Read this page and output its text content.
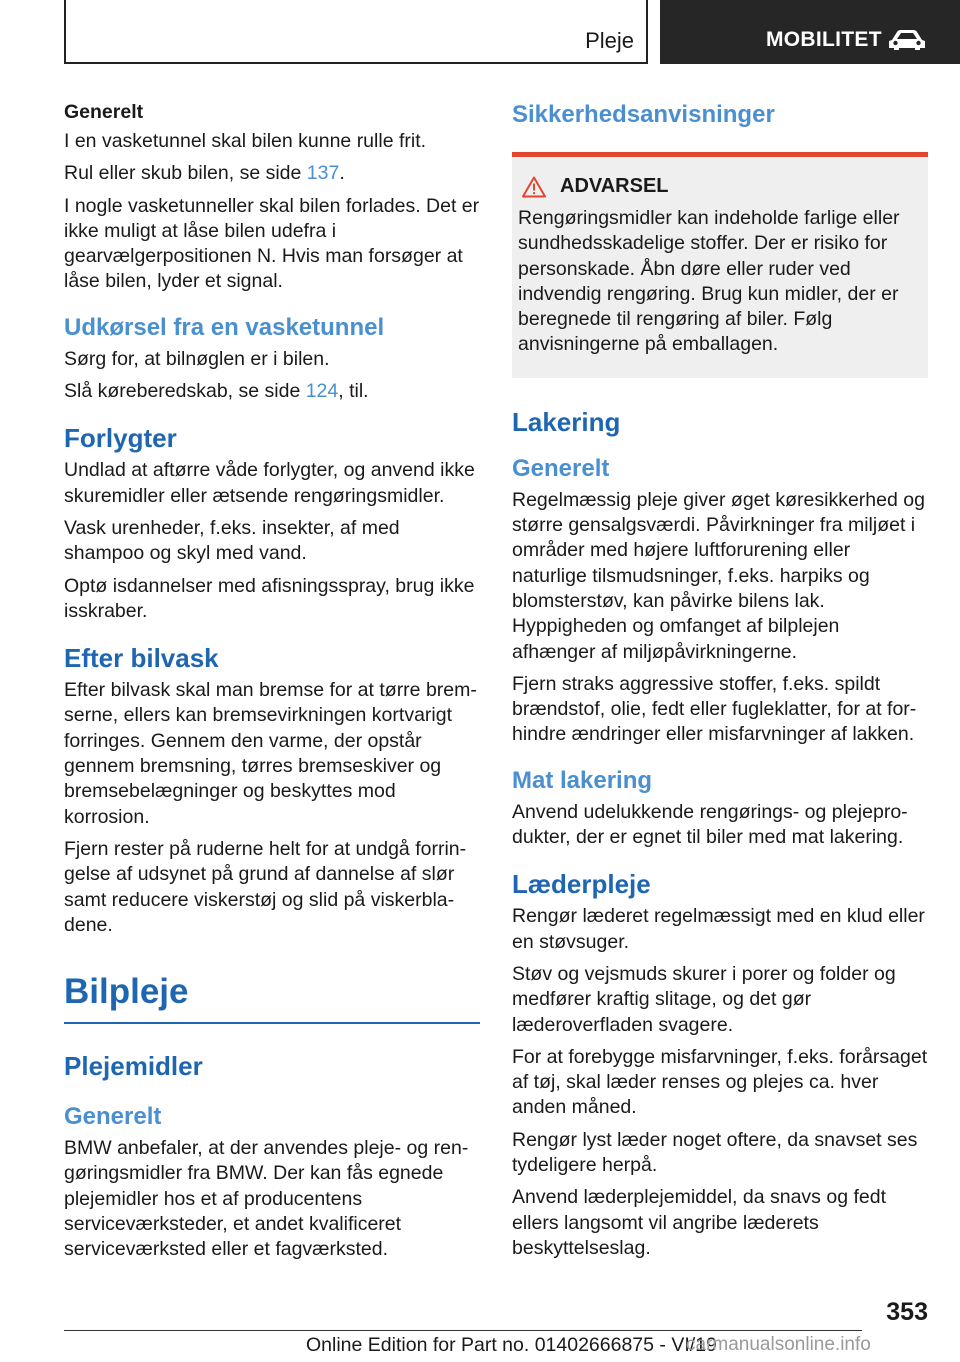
Pleje	MOBILITET
Generelt

I en vasketunnel skal bilen kunne rulle frit.

Rul eller skub bilen, se side 137.

I nogle vasketunneller skal bilen forlades. Det er ikke muligt at låse bilen udefra i gearvælgerpositionen N. Hvis man forsøger at låse bilen, lyder et signal.

Udkørsel fra en vasketunnel

Sørg for, at bilnøglen er i bilen.

Slå køreberedskab, se side 124, til.

Forlygter

Undlad at aftørre våde forlygter, og anvend ikke skuremidler eller ætsende rengøringsmidler.

Vask urenheder, f.eks. insekter, af med shampoo og skyl med vand.

Optø isdannelser med afisningsspray, brug ikke isskraber.

Efter bilvask

Efter bilvask skal man bremse for at tørre bremserne, ellers kan bremsevirkningen kortvarigt forringes. Gennem den varme, der opstår gennem bremsning, tørres bremseskiver og bremsebelægninger og beskyttes mod korrosion.

Fjern rester på ruderne helt for at undgå forringelse af udsynet på grund af dannelse af slør samt reducere viskerstøj og slid på viskerbladene.

Bilpleje
Plejemidler
Generelt

BMW anbefaler, at der anvendes pleje- og rengøringsmidler fra BMW. Der kan fås egnede plejemidler hos et af producentens serviceværksteder, et andet kvalificeret serviceværksted eller et fagværksted.

Sikkerhedsanvisninger
ADVARSEL

Rengøringsmidler kan indeholde farlige eller sundhedsskadelige stoffer. Der er risiko for personskade. Åbn døre eller ruder ved indvendig rengøring. Brug kun midler, der er beregnede til rengøring af biler. Følg anvisningerne på emballagen.

Lakering
Generelt

Regelmæssig pleje giver øget køresikkerhed og større gensalgsværdi. Påvirkninger fra miljøet i områder med højere luftforurening eller naturlige tilsmudsninger, f.eks. harpiks og blomsterstøv, kan påvirke bilens lak. Hyppigheden og omfanget af bilplejen afhænger af miljøpåvirkningerne.

Fjern straks aggressive stoffer, f.eks. spildt brændstof, olie, fedt eller fugleklatter, for at forhindre ændringer eller misfarvninger af lakken.

Mat lakering

Anvend udelukkende rengørings- og plejeprodukter, der er egnet til biler med mat lakering.

Læderpleje

Rengør læderet regelmæssigt med en klud eller en støvsuger.

Støv og vejsmuds skurer i porer og folder og medfører kraftig slitage, og det gør læderoverfladen svagere.

For at forebygge misfarvninger, f.eks. forårsaget af tøj, skal læder renses og plejes ca. hver anden måned.

Rengør lyst læder noget oftere, da snavset ses tydeligere herpå.

Anvend læderplejemiddel, da snavs og fedt ellers langsomt vil angribe læderets beskyttelseslag.

353
Online Edition for Part no. 01402666875 - VI/19
carmanualsonline.info
